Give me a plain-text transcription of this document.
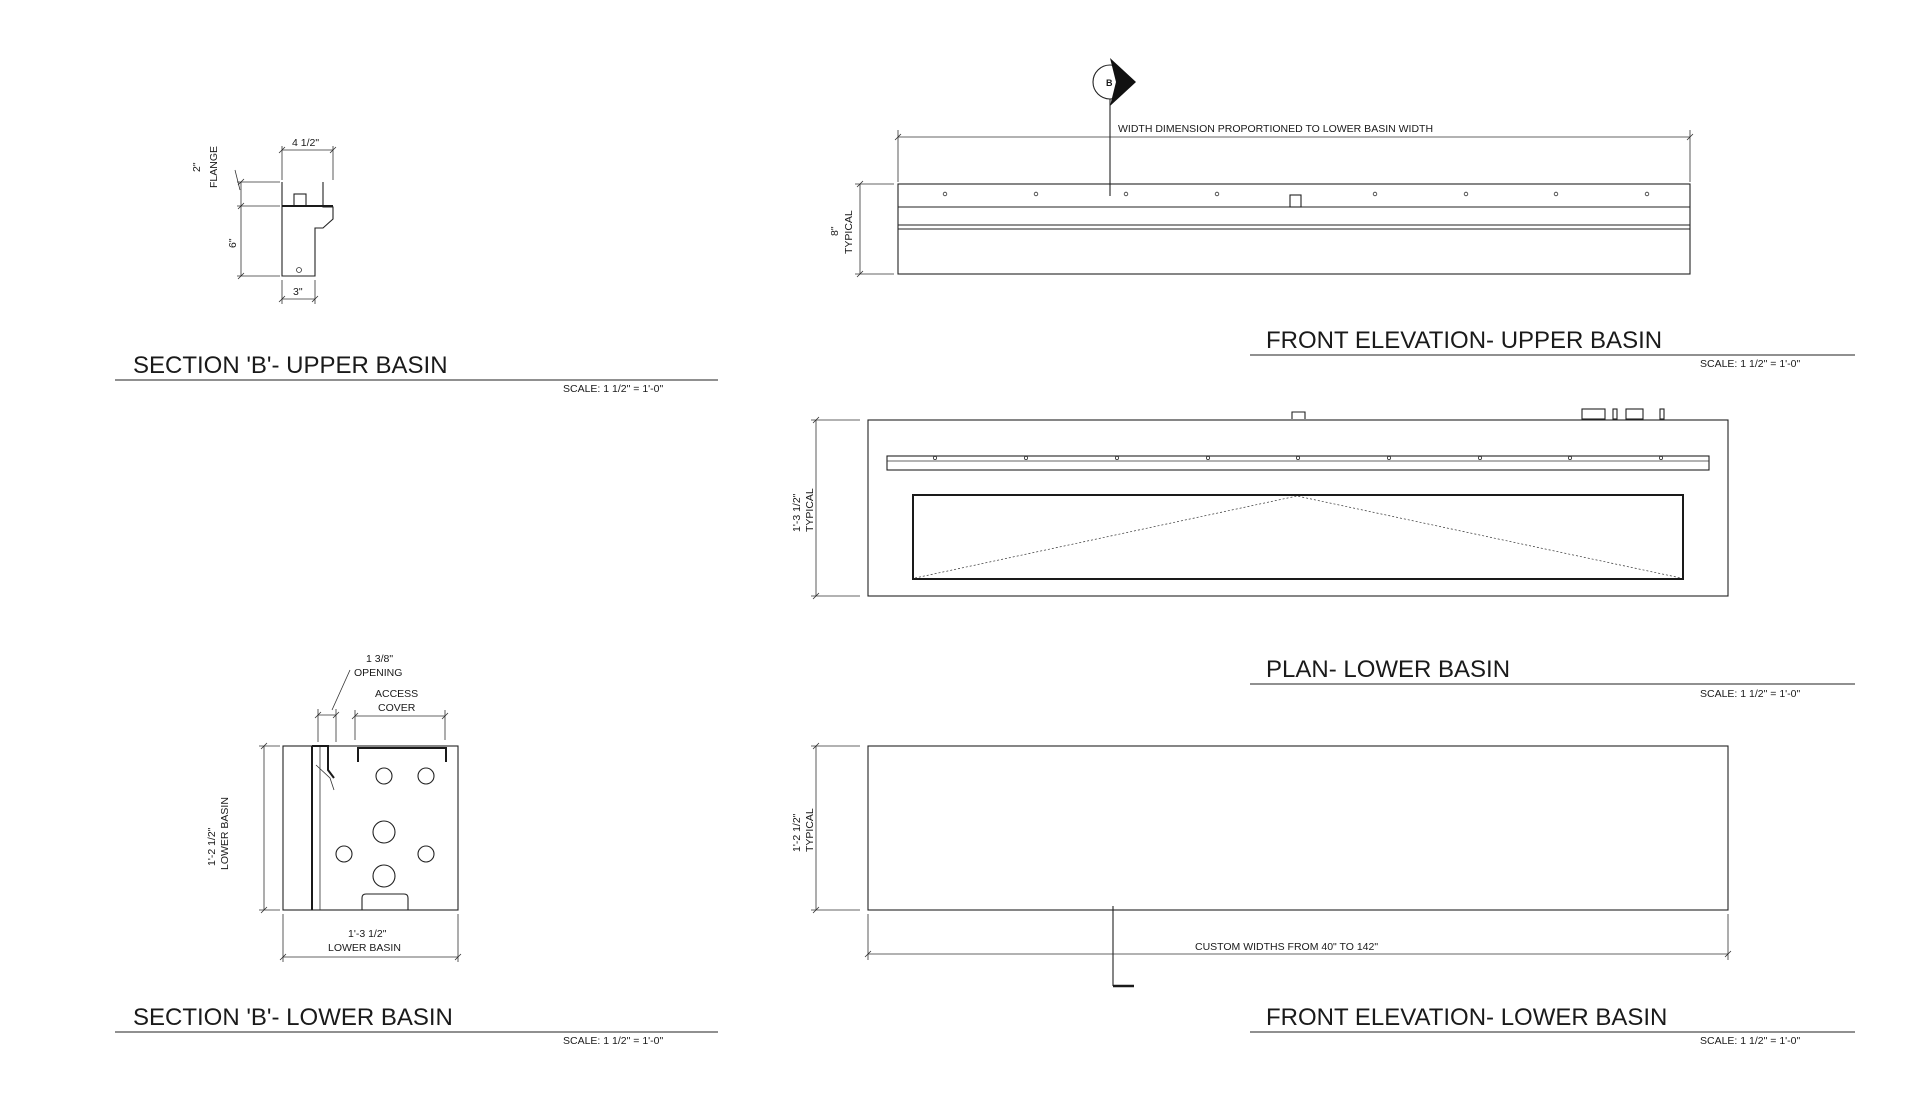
4 1/2"
2" FLANGE
6"
3"
SECTION 'B'- UPPER BASIN
SCALE: 1 1/2" = 1'-0"
B
WIDTH DIMENSION PROPORTIONED TO LOWER BASIN WIDTH
8" TYPICAL
FRONT ELEVATION- UPPER BASIN
SCALE: 1 1/2" = 1'-0"
1'-3 1/2" TYPICAL
PLAN- LOWER BASIN
SCALE: 1 1/2" = 1'-0"
1 3/8"
OPENING
ACCESS
COVER
1'-2 1/2" LOWER BASIN
1'-3 1/2"
LOWER BASIN
SECTION 'B'- LOWER BASIN
SCALE: 1 1/2" = 1'-0"
1'-2 1/2" TYPICAL
CUSTOM WIDTHS FROM 40" TO 142"
FRONT ELEVATION- LOWER BASIN
SCALE: 1 1/2" = 1'-0"
